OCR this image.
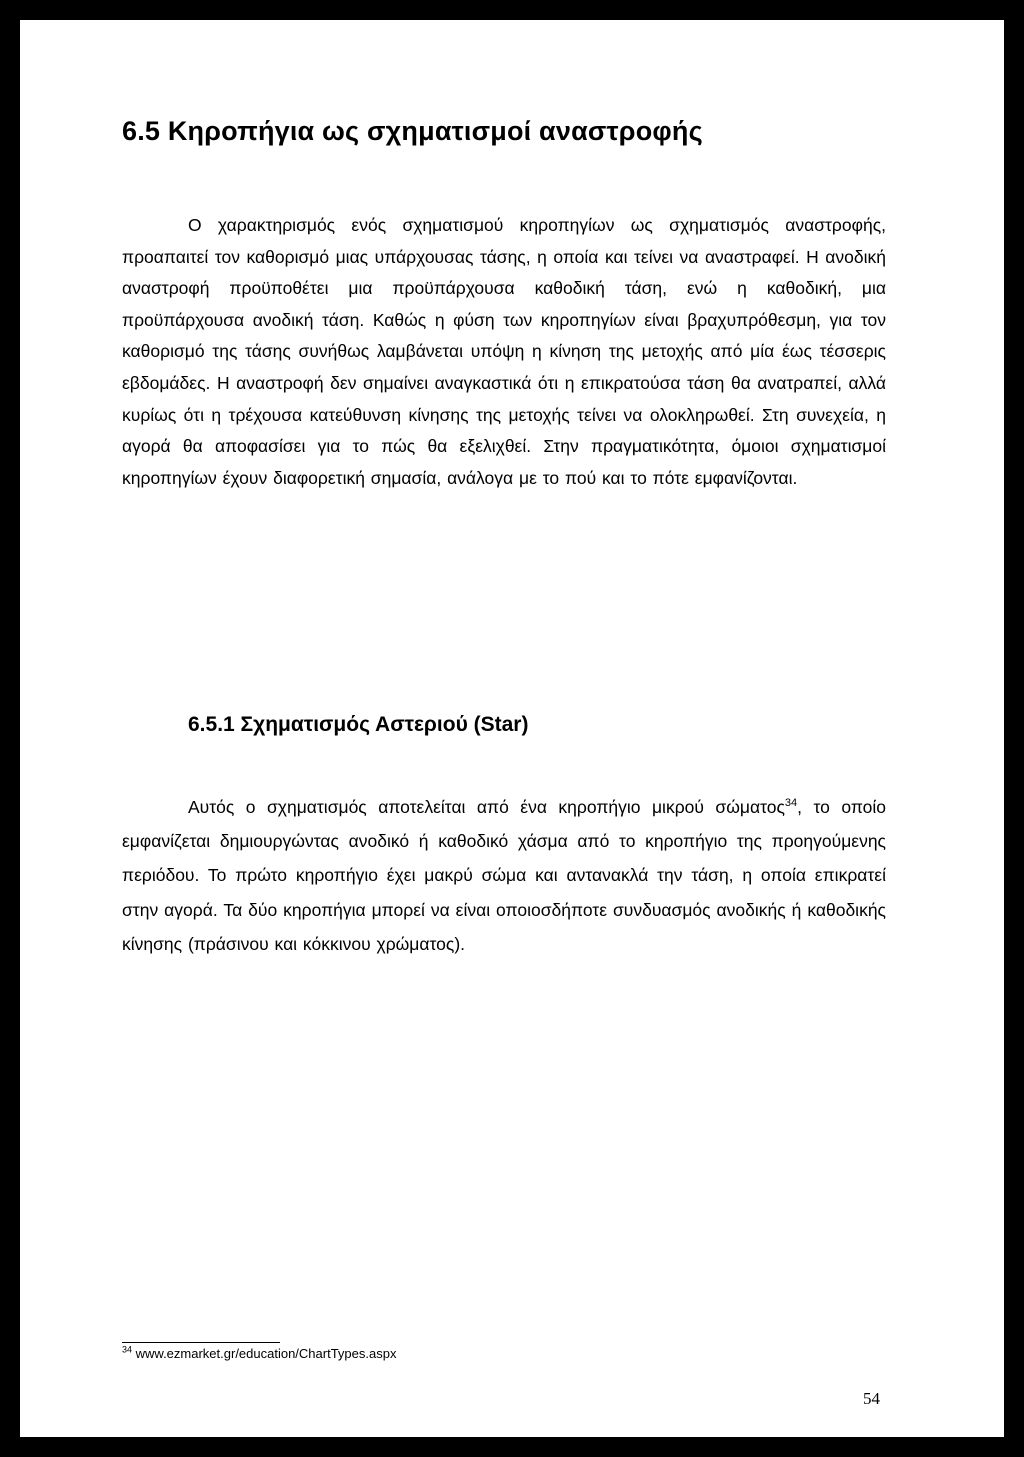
6.5 Κηροπήγια ως σχηματισμοί αναστροφής

Ο χαρακτηρισμός ενός σχηματισμού κηροπηγίων ως σχηματισμός αναστροφής, προαπαιτεί τον καθορισμό μιας υπάρχουσας τάσης, η οποία και τείνει να αναστραφεί. Η ανοδική αναστροφή προϋποθέτει μια προϋπάρχουσα καθοδική τάση, ενώ η καθοδική, μια προϋπάρχουσα ανοδική τάση. Καθώς η φύση των κηροπηγίων είναι βραχυπρόθεσμη, για τον καθορισμό της τάσης συνήθως λαμβάνεται υπόψη η κίνηση της μετοχής από μία έως τέσσερις εβδομάδες. Η αναστροφή δεν σημαίνει αναγκαστικά ότι η επικρατούσα τάση θα ανατραπεί, αλλά κυρίως ότι η τρέχουσα κατεύθυνση κίνησης της μετοχής τείνει να ολοκληρωθεί. Στη συνεχεία, η αγορά θα αποφασίσει για το πώς θα εξελιχθεί. Στην πραγματικότητα, όμοιοι σχηματισμοί κηροπηγίων έχουν διαφορετική σημασία, ανάλογα με το πού και το πότε εμφανίζονται.

6.5.1 Σχηματισμός Αστεριού (Star)

Αυτός ο σχηματισμός αποτελείται από ένα κηροπήγιο μικρού σώματος$^{34}$, το οποίο εμφανίζεται δημιουργώντας ανοδικό ή καθοδικό χάσμα από το κηροπήγιο της προηγούμενης περιόδου. Το πρώτο κηροπήγιο έχει μακρύ σώμα και αντανακλά την τάση, η οποία επικρατεί στην αγορά. Τα δύο κηροπήγια μπορεί να είναι οποιοσδήποτε συνδυασμός ανοδικής ή καθοδικής κίνησης (πράσινου και κόκκινου χρώματος).

$^{34}$ www.ezmarket.gr/education/ChartTypes.aspx
54
